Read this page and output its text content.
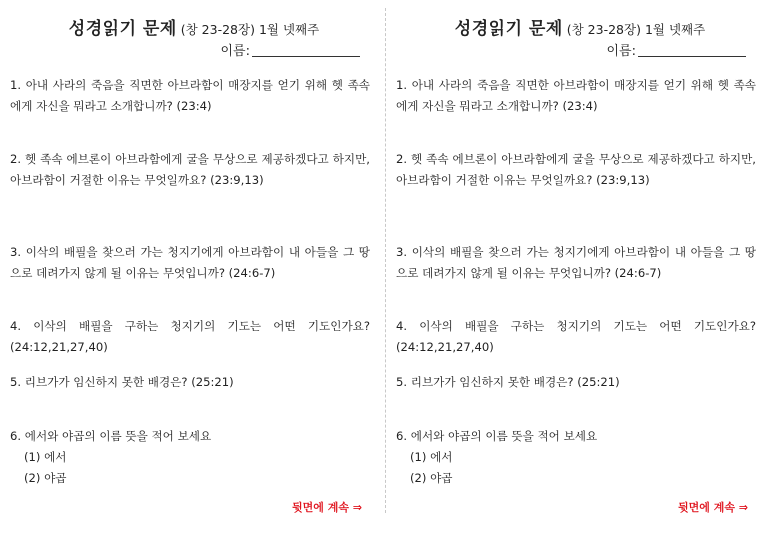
성경읽기 문제 (창 23-28장) 1월 넷째주
이름:
1. 아내 사라의 죽음을 직면한 아브라함이 매장지를 얻기 위해 헷 족속에게 자신을 뭐라고 소개합니까? (23:4)
2. 헷 족속 에브론이 아브라함에게 굴을 무상으로 제공하겠다고 하지만, 아브라함이 거절한 이유는 무엇일까요? (23:9,13)
3. 이삭의 배필을 찾으러 가는 청지기에게 아브라함이 내 아들을 그 땅으로 데려가지 않게 될 이유는 무엇입니까? (24:6-7)
4. 이삭의 배필을 구하는 청지기의 기도는 어떤 기도인가요? (24:12,21,27,40)
5. 리브가가 임신하지 못한 배경은? (25:21)
6. 에서와 야곱의 이름 뜻을 적어 보세요
(1) 에서
(2) 야곱
뒷면에 계속 ⇒
성경읽기 문제 (창 23-28장) 1월 넷째주
이름:
1. 아내 사라의 죽음을 직면한 아브라함이 매장지를 얻기 위해 헷 족속에게 자신을 뭐라고 소개합니까? (23:4)
2. 헷 족속 에브론이 아브라함에게 굴을 무상으로 제공하겠다고 하지만, 아브라함이 거절한 이유는 무엇일까요? (23:9,13)
3. 이삭의 배필을 찾으러 가는 청지기에게 아브라함이 내 아들을 그 땅으로 데려가지 않게 될 이유는 무엇입니까? (24:6-7)
4. 이삭의 배필을 구하는 청지기의 기도는 어떤 기도인가요? (24:12,21,27,40)
5. 리브가가 임신하지 못한 배경은? (25:21)
6. 에서와 야곱의 이름 뜻을 적어 보세요
(1) 에서
(2) 야곱
뒷면에 계속 ⇒
